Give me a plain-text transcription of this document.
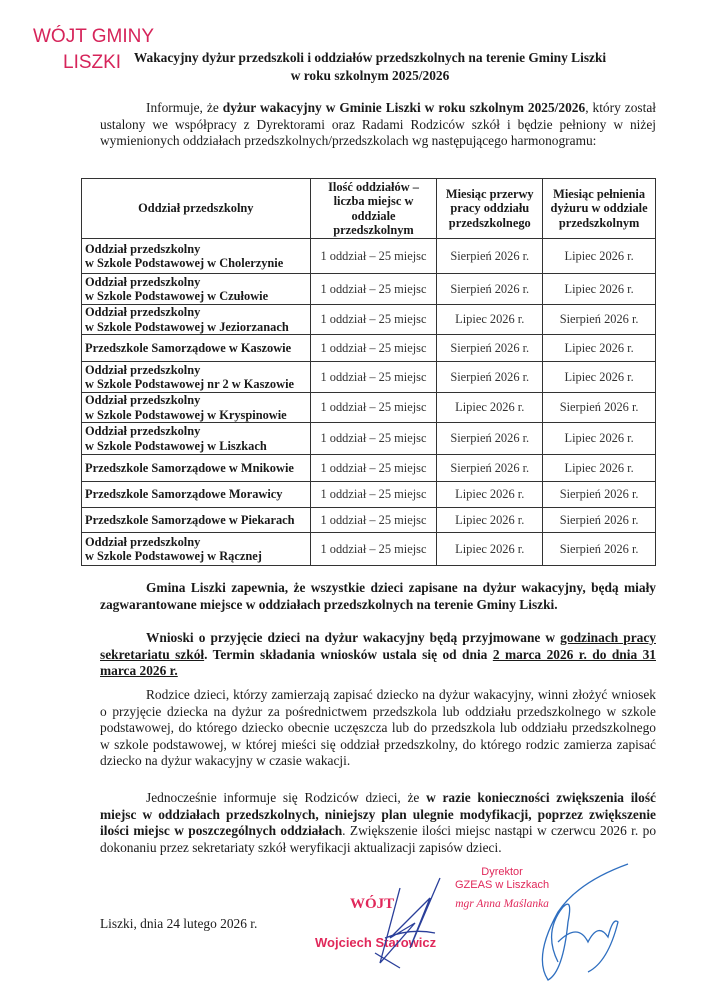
WÓJT GMINY
LISZKI Wakacyjny dyżur przedszkoli i oddziałów przedszkolnych na terenie Gminy Liszki
w roku szkolnym 2025/2026
Informuje, że dyżur wakacyjny w Gminie Liszki w roku szkolnym 2025/2026, który został ustalony we współpracy z Dyrektorami oraz Radami Rodziców szkół i będzie pełniony w niżej wymienionych oddziałach przedszkolnych/przedszkolach wg następującego harmonogramu:
Oddział przedszkolny	Ilość oddziałów – liczba miejsc w oddziale przedszkolnym	Miesiąc przerwy pracy oddziału przedszkolnego	Miesiąc pełnienia dyżuru w oddziale przedszkolnym

Oddział przedszkolny
w Szkole Podstawowej w Cholerzynie	1 oddział – 25 miejsc	Sierpień 2026 r.	Lipiec 2026 r.

Oddział przedszkolny
w Szkole Podstawowej w Czułowie	1 oddział – 25 miejsc	Sierpień 2026 r.	Lipiec 2026 r.

Oddział przedszkolny
w Szkole Podstawowej w Jeziorzanach	1 oddział – 25 miejsc	Lipiec 2026 r.	Sierpień 2026 r.

Przedszkole Samorządowe w Kaszowie	1 oddział – 25 miejsc	Sierpień 2026 r.	Lipiec 2026 r.

Oddział przedszkolny
w Szkole Podstawowej nr 2 w Kaszowie	1 oddział – 25 miejsc	Sierpień 2026 r.	Lipiec 2026 r.

Oddział przedszkolny
w Szkole Podstawowej w Kryspinowie	1 oddział – 25 miejsc	Lipiec 2026 r.	Sierpień 2026 r.

Oddział przedszkolny
w Szkole Podstawowej w Liszkach	1 oddział – 25 miejsc	Sierpień 2026 r.	Lipiec 2026 r.

Przedszkole Samorządowe w Mnikowie	1 oddział – 25 miejsc	Sierpień 2026 r.	Lipiec 2026 r.

Przedszkole Samorządowe Morawicy	1 oddział – 25 miejsc	Lipiec 2026 r.	Sierpień 2026 r.

Przedszkole Samorządowe w Piekarach	1 oddział – 25 miejsc	Lipiec 2026 r.	Sierpień 2026 r.

Oddział przedszkolny
w Szkole Podstawowej w Rącznej	1 oddział – 25 miejsc	Lipiec 2026 r.	Sierpień 2026 r.
Gmina Liszki zapewnia, że wszystkie dzieci zapisane na dyżur wakacyjny, będą miały zagwarantowane miejsce w oddziałach przedszkolnych na terenie Gminy Liszki.
Wnioski o przyjęcie dzieci na dyżur wakacyjny będą przyjmowane w godzinach pracy sekretariatu szkół. Termin składania wniosków ustala się od dnia 2 marca 2026 r. do dnia 31 marca 2026 r.
Rodzice dzieci, którzy zamierzają zapisać dziecko na dyżur wakacyjny, winni złożyć wniosek o przyjęcie dziecka na dyżur za pośrednictwem przedszkola lub oddziału przedszkolnego w szkole podstawowej, do którego dziecko obecnie uczęszcza lub do przedszkola lub oddziału przedszkolnego w szkole podstawowej, w której mieści się oddział przedszkolny, do którego rodzic zamierza zapisać dziecko na dyżur wakacyjny w czasie wakacji.
Jednocześnie informuje się Rodziców dzieci, że w razie konieczności zwiększenia ilość miejsc w oddziałach przedszkolnych, niniejszy plan ulegnie modyfikacji, poprzez zwiększenie ilości miejsc w poszczególnych oddziałach. Zwiększenie ilości miejsc nastąpi w czerwcu 2026 r. po dokonaniu przez sekretariaty szkół weryfikacji aktualizacji zapisów dzieci.
Liszki, dnia 24 lutego 2026 r.
WÓJT
Wojciech Starowicz
Dyrektor
GZEAS w Liszkach
mgr Anna Maślanka
